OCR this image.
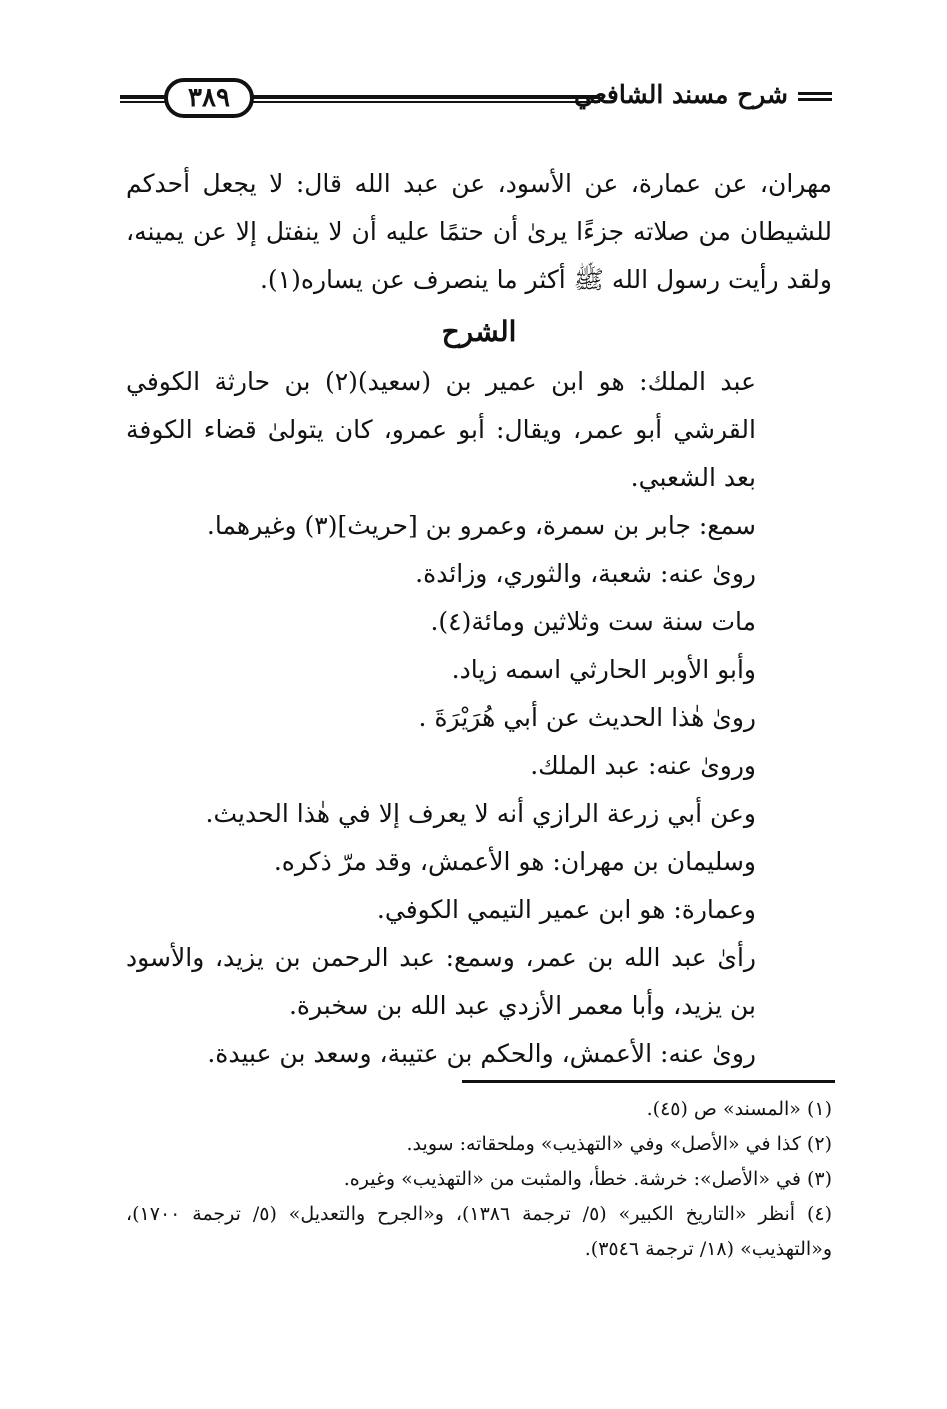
شرح مسند الشافعي
٣٨٩

مهران، عن عمارة، عن الأسود، عن عبد الله قال: لا يجعل أحدكم للشيطان من صلاته جزءًا يرىٰ أن حتمًا عليه أن لا ينفتل إلا عن يمينه، ولقد رأيت رسول الله ﷺ أكثر ما ينصرف عن يساره(١).

الشرح

عبد الملك: هو ابن عمير بن (سعيد)(٢) بن حارثة الكوفي القرشي أبو عمر، ويقال: أبو عمرو، كان يتولىٰ قضاء الكوفة بعد الشعبي.

سمع: جابر بن سمرة، وعمرو بن [حريث](٣) وغيرهما.

روىٰ عنه: شعبة، والثوري، وزائدة.

مات سنة ست وثلاثين ومائة(٤).

وأبو الأوبر الحارثي اسمه زياد.

روىٰ هٰذا الحديث عن أبي هُرَيْرَةَ .

وروىٰ عنه: عبد الملك.

وعن أبي زرعة الرازي أنه لا يعرف إلا في هٰذا الحديث.

وسليمان بن مهران: هو الأعمش، وقد مرّ ذكره.

وعمارة: هو ابن عمير التيمي الكوفي.

رأىٰ عبد الله بن عمر، وسمع: عبد الرحمن بن يزيد، والأسود بن يزيد، وأبا معمر الأزدي عبد الله بن سخبرة.

روىٰ عنه: الأعمش، والحكم بن عتيبة، وسعد بن عبيدة.

(١) «المسند» ص (٤٥).

(٢) كذا في «الأصل» وفي «التهذيب» وملحقاته: سويد.

(٣) في «الأصل»: خرشة. خطأ، والمثبت من «التهذيب» وغيره.

(٤) أنظر «التاريخ الكبير» (٥/ ترجمة ١٣٨٦)، و«الجرح والتعديل» (٥/ ترجمة ١٧٠٠)، و«التهذيب» (١٨/ ترجمة ٣٥٤٦).
